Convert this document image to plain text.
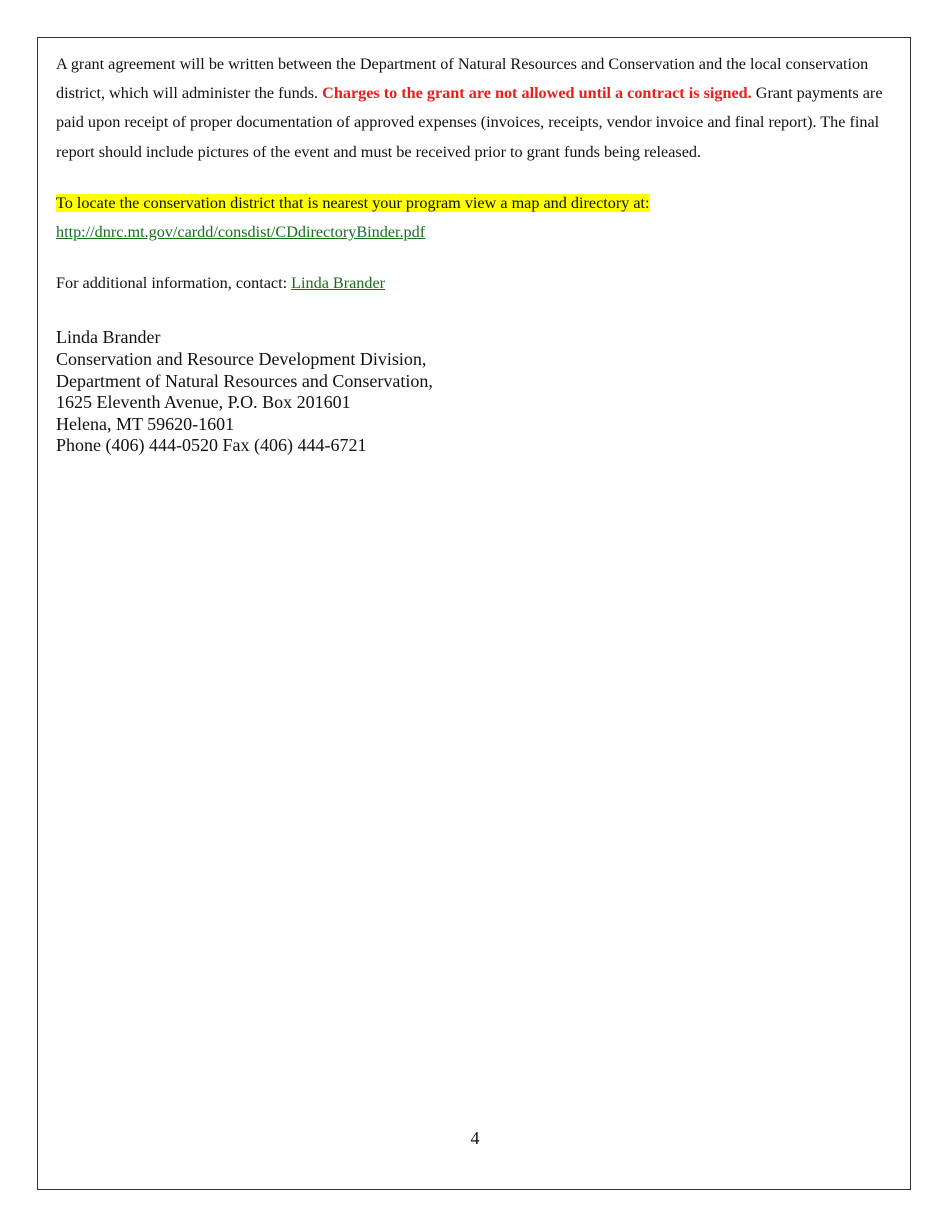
A grant agreement will be written between the Department of Natural Resources and Conservation and the local conservation district, which will administer the funds. Charges to the grant are not allowed until a contract is signed. Grant payments are paid upon receipt of proper documentation of approved expenses (invoices, receipts, vendor invoice and final report). The final report should include pictures of the event and must be received prior to grant funds being released.

To locate the conservation district that is nearest your program view a map and directory at:
http://dnrc.mt.gov/cardd/consdist/CDdirectoryBinder.pdf
For additional information, contact: Linda Brander
Linda Brander
Conservation and Resource Development Division,
Department of Natural Resources and Conservation,
1625 Eleventh Avenue, P.O. Box 201601
Helena, MT 59620-1601
Phone (406) 444-0520 Fax (406) 444-6721
4
